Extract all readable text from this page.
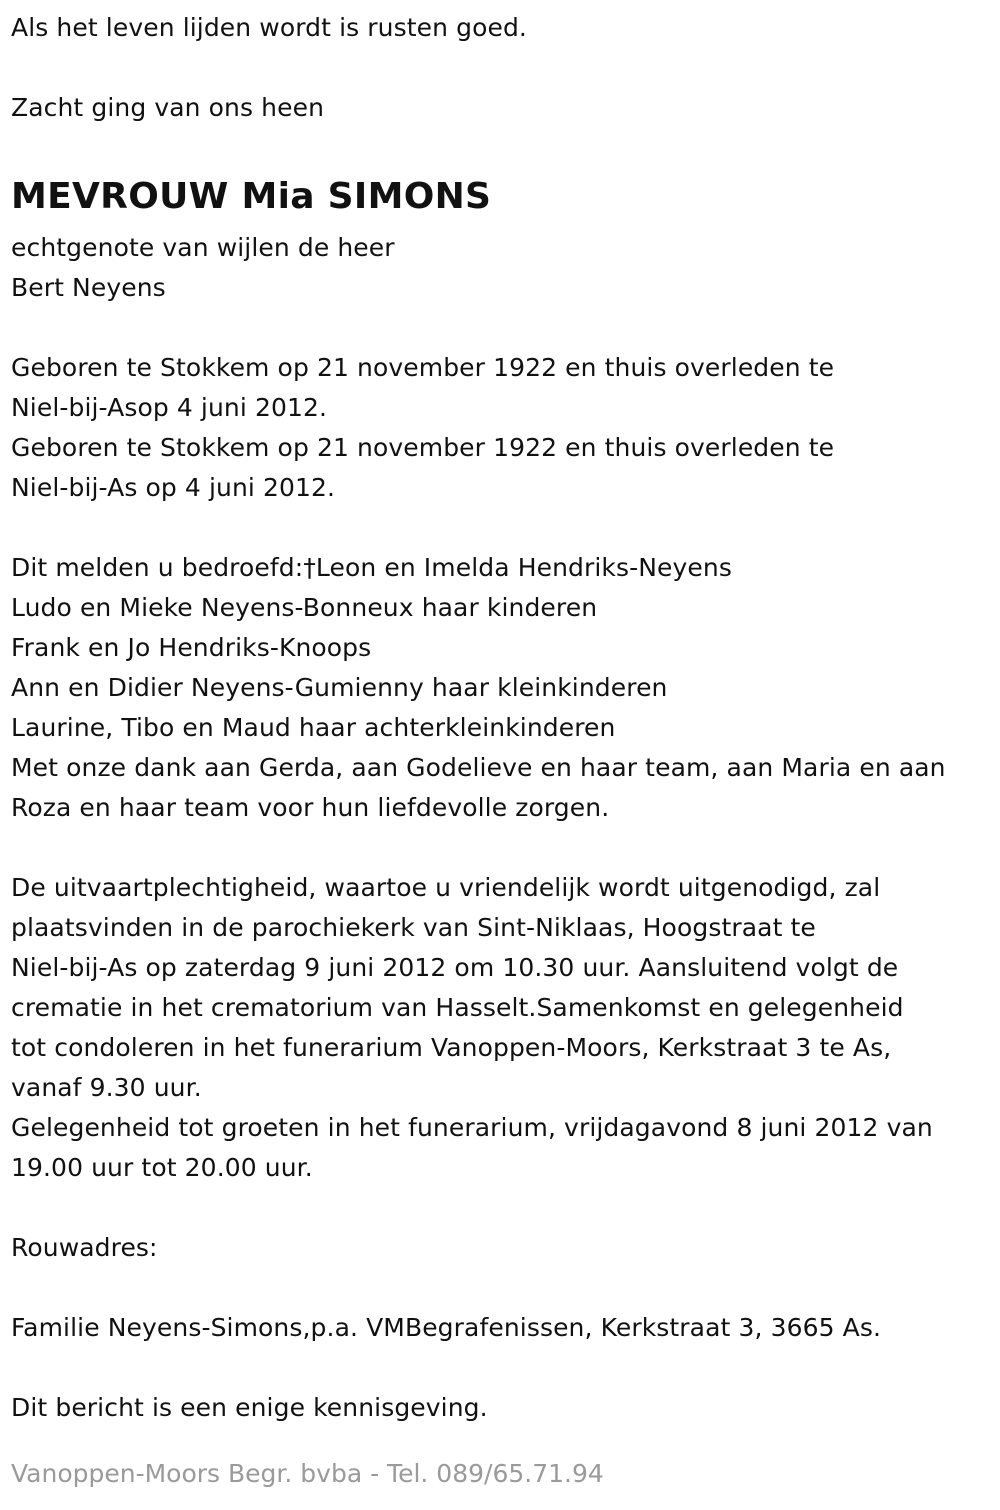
Als het leven lijden wordt is rusten goed.
Zacht ging van ons heen
MEVROUW Mia SIMONS
echtgenote van wijlen de heer
Bert Neyens
Geboren te Stokkem op 21 november 1922 en thuis overleden te
Niel-bij-Asop 4 juni 2012.
Geboren te Stokkem op 21 november 1922 en thuis overleden te
Niel-bij-As op 4 juni 2012.
Dit melden u bedroefd:†Leon en Imelda Hendriks-Neyens
Ludo en Mieke Neyens-Bonneux haar kinderen
Frank en Jo Hendriks-Knoops
Ann en Didier Neyens-Gumienny haar kleinkinderen
Laurine, Tibo en Maud haar achterkleinkinderen
Met onze dank aan Gerda, aan Godelieve en haar team, aan Maria en aan
Roza en haar team voor hun liefdevolle zorgen.
De uitvaartplechtigheid, waartoe u vriendelijk wordt uitgenodigd, zal
plaatsvinden in de parochiekerk van Sint-Niklaas, Hoogstraat te
Niel-bij-As op zaterdag 9 juni 2012 om 10.30 uur. Aansluitend volgt de
crematie in het crematorium van Hasselt.Samenkomst en gelegenheid
tot condoleren in het funerarium Vanoppen-Moors, Kerkstraat 3 te As,
vanaf 9.30 uur.
Gelegenheid tot groeten in het funerarium, vrijdagavond 8 juni 2012 van
19.00 uur tot 20.00 uur.
Rouwadres:
Familie Neyens-Simons,p.a. VMBegrafenissen, Kerkstraat 3, 3665 As.
Dit bericht is een enige kennisgeving.
Vanoppen-Moors Begr. bvba - Tel. 089/65.71.94
